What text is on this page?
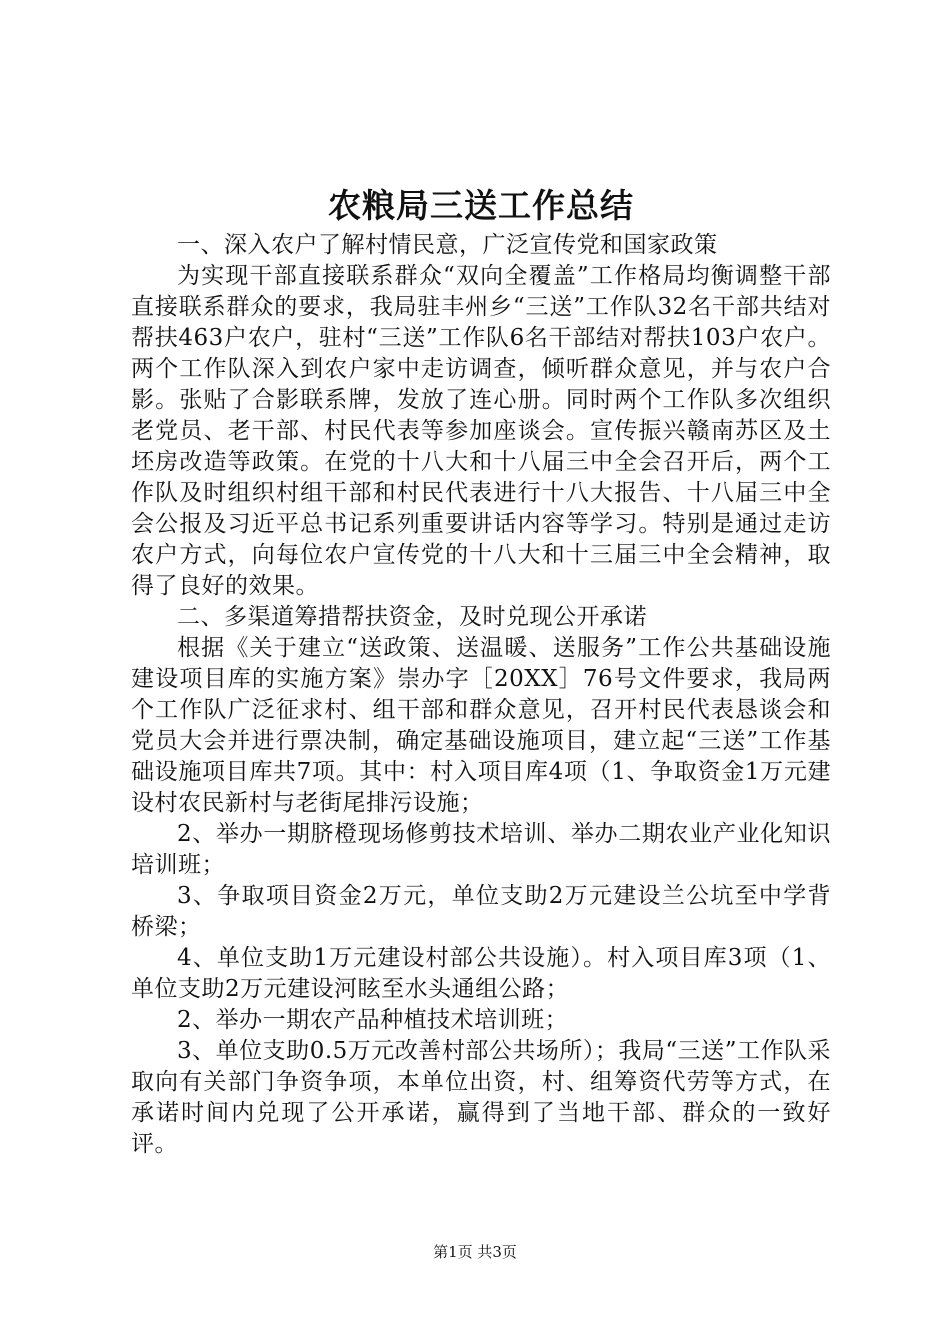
农粮局三送工作总结

一、深入农户了解村情民意，广泛宣传党和国家政策

为实现干部直接联系群众“双向全覆盖”工作格局均衡调整干部直接联系群众的要求，我局驻丰州乡“三送”工作队32名干部共结对帮扶463户农户，驻村“三送”工作队6名干部结对帮扶103户农户。两个工作队深入到农户家中走访调查，倾听群众意见，并与农户合影。张贴了合影联系牌，发放了连心册。同时两个工作队多次组织老党员、老干部、村民代表等参加座谈会。宣传振兴赣南苏区及土坯房改造等政策。在党的十八大和十八届三中全会召开后，两个工作队及时组织村组干部和村民代表进行十八大报告、十八届三中全会公报及习近平总书记系列重要讲话内容等学习。特别是通过走访农户方式，向每位农户宣传党的十八大和十三届三中全会精神，取得了良好的效果。

二、多渠道筹措帮扶资金，及时兑现公开承诺

根据《关于建立“送政策、送温暖、送服务”工作公共基础设施建设项目库的实施方案》崇办字［20XX］76号文件要求，我局两个工作队广泛征求村、组干部和群众意见，召开村民代表恳谈会和党员大会并进行票决制，确定基础设施项目，建立起“三送”工作基础设施项目库共7项。其中：村入项目库4项（1、争取资金1万元建设村农民新村与老街尾排污设施；

2、举办一期脐橙现场修剪技术培训、举办二期农业产业化知识培训班；

3、争取项目资金2万元，单位支助2万元建设兰公坑至中学背桥梁；

4、单位支助1万元建设村部公共设施）。村入项目库3项（1、单位支助2万元建设河眩至水头通组公路；

2、举办一期农产品种植技术培训班；

3、单位支助0.5万元改善村部公共场所）；我局“三送”工作队采取向有关部门争资争项，本单位出资，村、组筹资代劳等方式，在承诺时间内兑现了公开承诺，赢得到了当地干部、群众的一致好评。

第1页 共3页
